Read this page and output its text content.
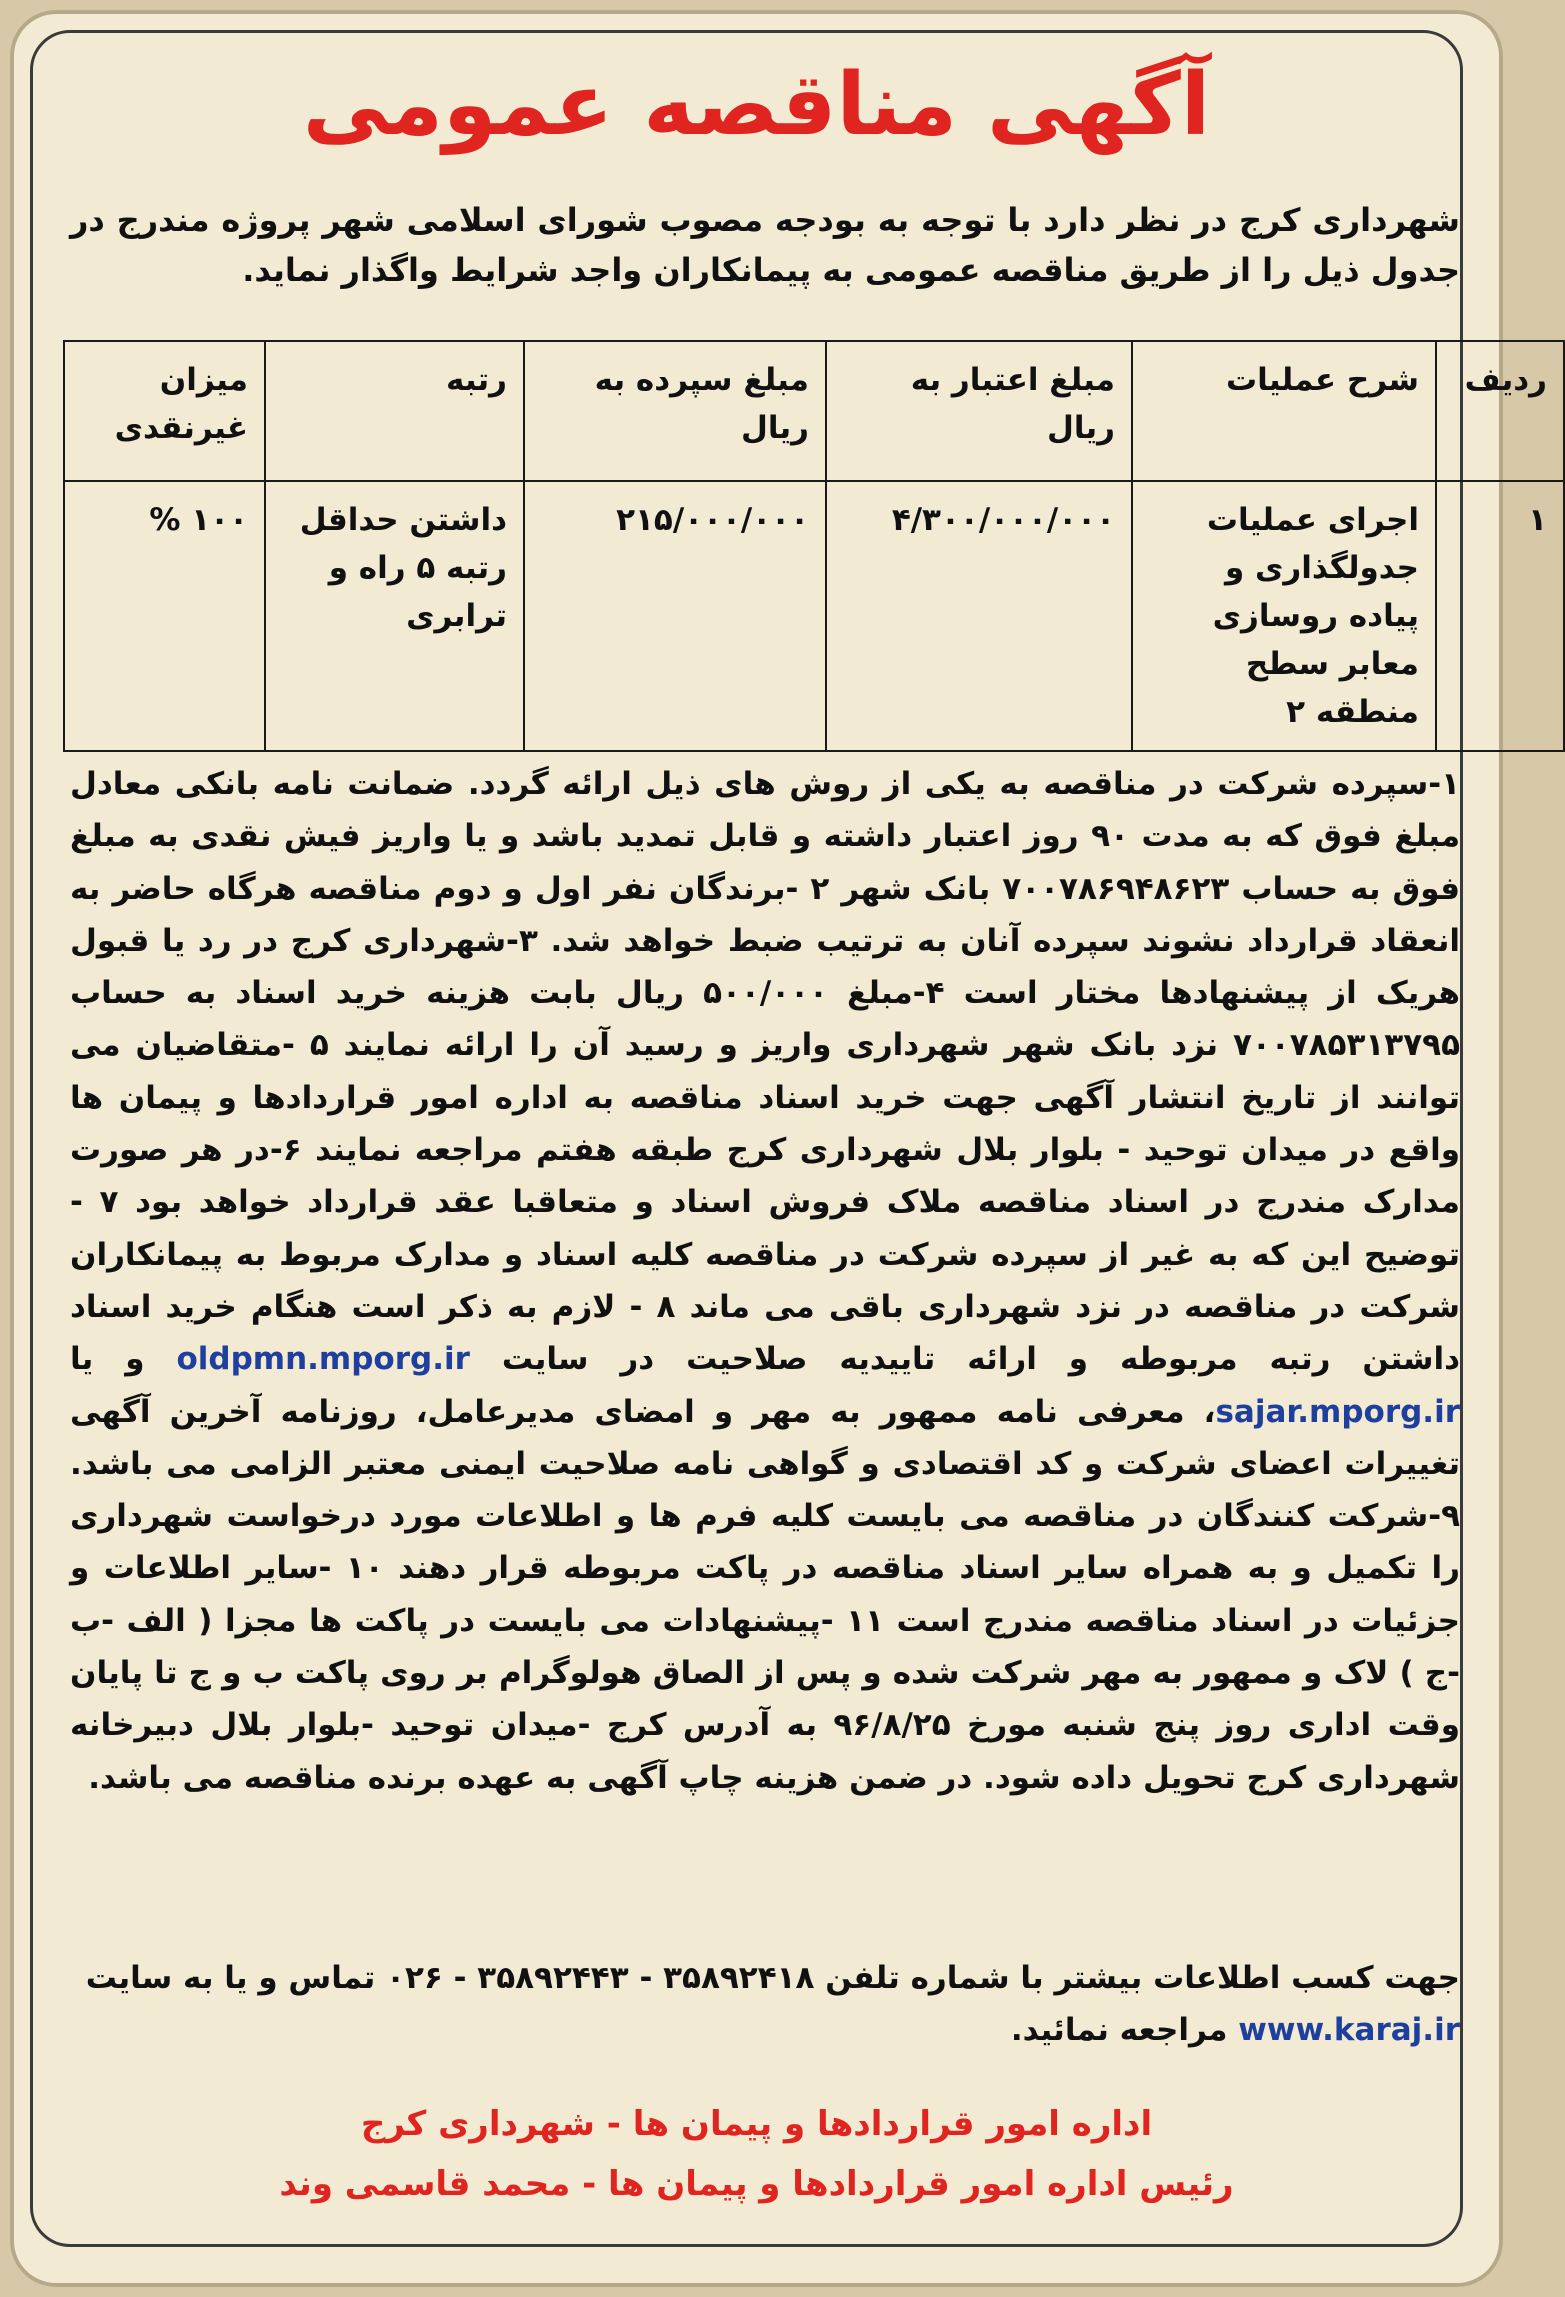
آگهی مناقصه عمومی
شهرداری کرج در نظر دارد با توجه به بودجه مصوب شورای اسلامی شهر پروژه مندرج در جدول ذیل را از طریق مناقصه عمومی به پیمانکاران واجد شرایط واگذار نماید.
ردیف	شرح عملیات	مبلغ اعتبار به ریال	مبلغ سپرده به ریال	رتبه	میزان غیرنقدی
۱	اجرای عملیات جدولگذاری و پیاده روسازی معابر سطح منطقه ۲	۴/۳۰۰/۰۰۰/۰۰۰	۲۱۵/۰۰۰/۰۰۰	داشتن حداقل رتبه ۵ راه و ترابری	۱۰۰ %
۱-سپرده شرکت در مناقصه به یکی از روش های ذیل ارائه گردد. ضمانت نامه بانکی معادل مبلغ فوق که به مدت ۹۰ روز اعتبار داشته و قابل تمدید باشد و یا واریز فیش نقدی به مبلغ فوق به حساب ۷۰۰۷۸۶۹۴۸۶۲۳ بانک شهر ۲ -برندگان نفر اول و دوم مناقصه هرگاه حاضر به انعقاد قرارداد نشوند سپرده آنان به ترتیب ضبط خواهد شد. ۳-شهرداری کرج در رد یا قبول هریک از پیشنهادها مختار است ۴-مبلغ ۵۰۰/۰۰۰ ریال بابت هزینه خرید اسناد به حساب ۷۰۰۷۸۵۳۱۳۷۹۵ نزد بانک شهر شهرداری واریز و رسید آن را ارائه نمایند ۵ -متقاضیان می توانند از تاریخ انتشار آگهی جهت خرید اسناد مناقصه به اداره امور قراردادها و پیمان ها واقع در میدان توحید - بلوار بلال شهرداری کرج طبقه هفتم مراجعه نمایند ۶-در هر صورت مدارک مندرج در اسناد مناقصه ملاک فروش اسناد و متعاقبا عقد قرارداد خواهد بود ۷ - توضیح این که به غیر از سپرده شرکت در مناقصه کلیه اسناد و مدارک مربوط به پیمانکاران شرکت در مناقصه در نزد شهرداری باقی می ماند ۸ - لازم به ذکر است هنگام خرید اسناد داشتن رتبه مربوطه و ارائه تاییدیه صلاحیت در سایت oldpmn.mporg.ir و یا sajar.mporg.ir، معرفی نامه ممهور به مهر و امضای مدیرعامل، روزنامه آخرین آگهی تغییرات اعضای شرکت و کد اقتصادی و گواهی نامه صلاحیت ایمنی معتبر الزامی می باشد. ۹-شرکت کنندگان در مناقصه می بایست کلیه فرم ها و اطلاعات مورد درخواست شهرداری را تکمیل و به همراه سایر اسناد مناقصه در پاکت مربوطه قرار دهند ۱۰ -سایر اطلاعات و جزئیات در اسناد مناقصه مندرج است ۱۱ -پیشنهادات می بایست در پاکت ها مجزا ( الف -ب -ج ) لاک و ممهور به مهر شرکت شده و پس از الصاق هولوگرام بر روی پاکت ب و ج تا پایان وقت اداری روز پنج شنبه مورخ ۹۶/۸/۲۵ به آدرس کرج -میدان توحید -بلوار بلال دبیرخانه شهرداری کرج تحویل داده شود. در ضمن هزینه چاپ آگهی به عهده برنده مناقصه می باشد.
جهت کسب اطلاعات بیشتر با شماره تلفن ۳۵۸۹۲۴۱۸ - ۳۵۸۹۲۴۴۳ - ۰۲۶ تماس و یا به سایت
www.karaj.ir مراجعه نمائید.
اداره امور قراردادها و پیمان ها - شهرداری کرج
رئیس اداره امور قراردادها و پیمان ها - محمد قاسمی وند
